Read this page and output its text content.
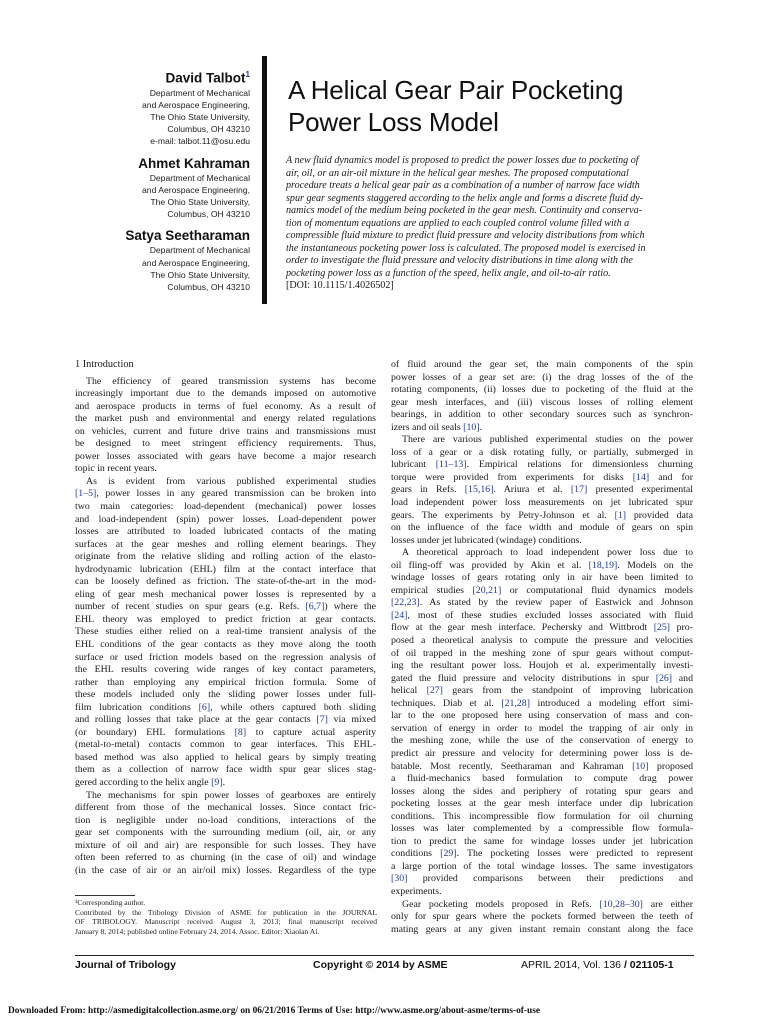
David Talbot$^1$
Department of Mechanical
and Aerospace Engineering,
The Ohio State University,
Columbus, OH 43210
e-mail: talbot.11@osu.edu
Ahmet Kahraman
Department of Mechanical
and Aerospace Engineering,
The Ohio State University,
Columbus, OH 43210
Satya Seetharaman
Department of Mechanical
and Aerospace Engineering,
The Ohio State University,
Columbus, OH 43210
A Helical Gear Pair Pocketing
Power Loss Model
A new fluid dynamics model is proposed to predict the power losses due to pocketing of
air, oil, or an air-oil mixture in the helical gear meshes. The proposed computational
procedure treats a helical gear pair as a combination of a number of narrow face width
spur gear segments staggered according to the helix angle and forms a discrete fluid dy-
namics model of the medium being pocketed in the gear mesh. Continuity and conserva-
tion of momentum equations are applied to each coupled control volume filled with a
compressible fluid mixture to predict fluid pressure and velocity distributions from which
the instantaneous pocketing power loss is calculated. The proposed model is exercised in
order to investigate the fluid pressure and velocity distributions in time along with the
pocketing power loss as a function of the speed, helix angle, and oil-to-air ratio.
[DOI: 10.1115/1.4026502]
1 Introduction
The efficiency of geared transmission systems has become
increasingly important due to the demands imposed on automotive
and aerospace products in terms of fuel economy. As a result of
the market push and environmental and energy related regulations
on vehicles, current and future drive trains and transmissions must
be designed to meet stringent efficiency requirements. Thus,
power losses associated with gears have become a major research
topic in recent years.
As is evident from various published experimental studies
[1–5], power losses in any geared transmission can be broken into
two main categories: load-dependent (mechanical) power losses
and load-independent (spin) power losses. Load-dependent power
losses are attributed to loaded lubricated contacts of the mating
surfaces at the gear meshes and rolling element bearings. They
originate from the relative sliding and rolling action of the elasto-
hydrodynamic lubrication (EHL) film at the contact interface that
can be loosely defined as friction. The state-of-the-art in the mod-
eling of gear mesh mechanical power losses is represented by a
number of recent studies on spur gears (e.g. Refs. [6,7]) where the
EHL theory was employed to predict friction at gear contacts.
These studies either relied on a real-time transient analysis of the
EHL conditions of the gear contacts as they move along the tooth
surface or used friction models based on the regression analysis of
the EHL results covering wide ranges of key contact parameters,
rather than employing any empirical friction formula. Some of
these models included only the sliding power losses under full-
film lubrication conditions [6], while others captured both sliding
and rolling losses that take place at the gear contacts [7] via mixed
(or boundary) EHL formulations [8] to capture actual asperity
(metal-to-metal) contacts common to gear interfaces. This EHL-
based method was also applied to helical gears by simply treating
them as a collection of narrow face width spur gear slices stag-
gered according to the helix angle [9].
The mechanisms for spin power losses of gearboxes are entirely
different from those of the mechanical losses. Since contact fric-
tion is negligible under no-load conditions, interactions of the
gear set components with the surrounding medium (oil, air, or any
mixture of oil and air) are responsible for such losses. They have
often been referred to as churning (in the case of oil) and windage
(in the case of air or an air/oil mix) losses. Regardless of the type
of fluid around the gear set, the main components of the spin
power losses of a gear set are: (i) the drag losses of the of the
rotating components, (ii) losses due to pocketing of the fluid at the
gear mesh interfaces, and (iii) viscous losses of rolling element
bearings, in addition to other secondary sources such as synchron-
izers and oil seals [10].
There are various published experimental studies on the power
loss of a gear or a disk rotating fully, or partially, submerged in
lubricant [11–13]. Empirical relations for dimensionless churning
torque were provided from experiments for disks [14] and for
gears in Refs. [15,16]. Ariura et al. [17] presented experimental
load independent power loss measurements on jet lubricated spur
gears. The experiments by Petry-Johnson et al. [1] provided data
on the influence of the face width and module of gears on spin
losses under jet lubricated (windage) conditions.
A theoretical approach to load independent power loss due to
oil fling-off was provided by Akin et al. [18,19]. Models on the
windage losses of gears rotating only in air have been limited to
empirical studies [20,21] or computational fluid dynamics models
[22,23]. As stated by the review paper of Eastwick and Johnson
[24], most of these studies excluded losses associated with fluid
flow at the gear mesh interface. Pechersky and Wittbrodt [25] pro-
posed a theoretical analysis to compute the pressure and velocities
of oil trapped in the meshing zone of spur gears without comput-
ing the resultant power loss. Houjoh et al. experimentally investi-
gated the fluid pressure and velocity distributions in spur [26] and
helical [27] gears from the standpoint of improving lubrication
techniques. Diab et al. [21,28] introduced a modeling effort simi-
lar to the one proposed here using conservation of mass and con-
servation of energy in order to model the trapping of air only in
the meshing zone, while the use of the conservation of energy to
predict air pressure and velocity for determining power loss is de-
batable. Most recently, Seetharaman and Kahraman [10] proposed
a fluid-mechanics based formulation to compute drag power
losses along the sides and periphery of rotating spur gears and
pocketing losses at the gear mesh interface under dip lubrication
conditions. This incompressible flow formulation for oil churning
losses was later complemented by a compressible flow formula-
tion to predict the same for windage losses under jet lubrication
conditions [29]. The pocketing losses were predicted to represent
a large portion of the total windage losses. The same investigators
[30] provided comparisons between their predictions and
experiments.
Gear pocketing models proposed in Refs. [10,28–30] are either
only for spur gears where the pockets formed between the teeth of
mating gears at any given instant remain constant along the face
¹Corresponding author.
Contributed by the Tribology Division of ASME for publication in the JOURNAL
OF TRIBOLOGY. Manuscript received August 3, 2013; final manuscript received
January 8, 2014; published online February 24, 2014. Assoc. Editor: Xiaolan Ai.
Journal of Tribology	Copyright © 2014 by ASME	APRIL 2014, Vol. 136 / 021105-1
Downloaded From: http://asmedigitalcollection.asme.org/ on 06/21/2016 Terms of Use: http://www.asme.org/about-asme/terms-of-use
